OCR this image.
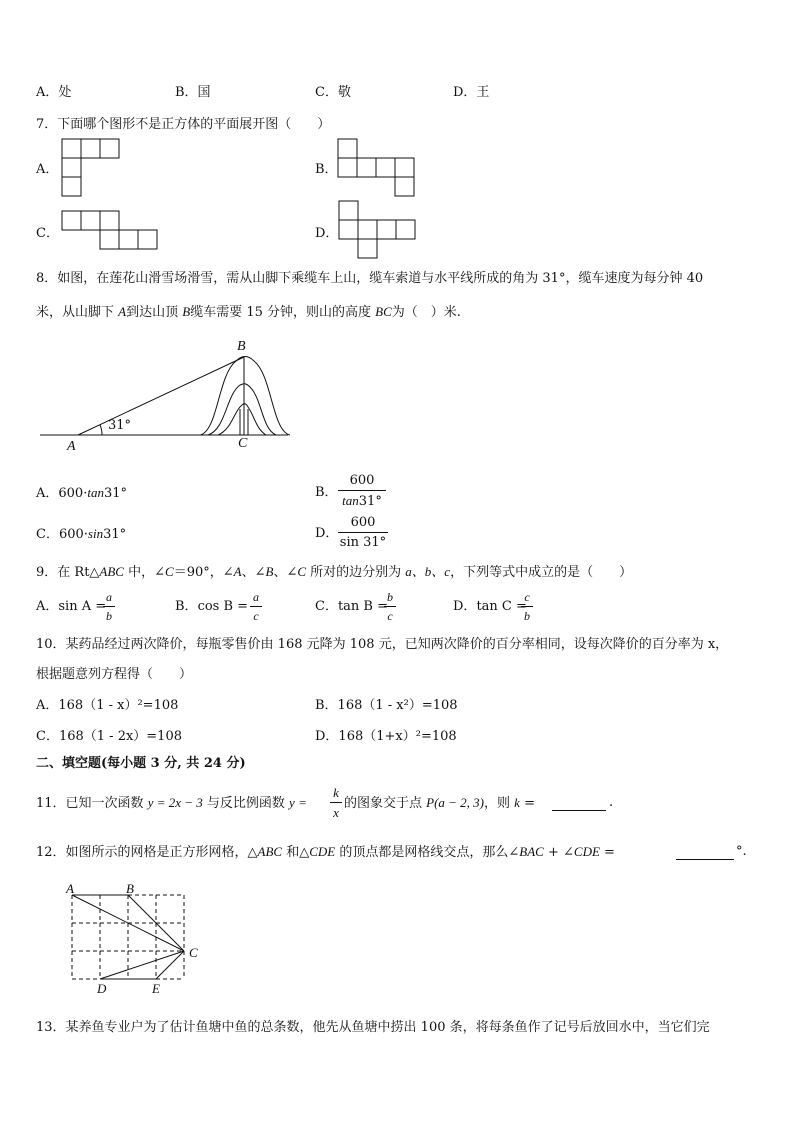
A．处	B．国	C．敬	D．王
7．下面哪个图形不是正方体的平面展开图（　　）
A．	B．
C．	D．
8．如图，在莲花山滑雪场滑雪，需从山脚下乘缆车上山，缆车索道与水平线所成的角为 31°，缆车速度为每分钟 40
米，从山脚下 A到达山顶 B缆车需要 15 分钟，则山的高度 BC为（　）米.
B
31°
A	C
A．600·tan31°	B． $\frac{600}{\tan 31^\circ}$
C．600·sin31°	D． $\frac{600}{\sin 31^\circ}$
9．在 Rt△ABC 中，∠C＝90°，∠A、∠B、∠C 所对的边分别为 a、b、c，下列等式中成立的是（　　）
A．sin A =
$\frac{a}{b}$	B．$\cos B = \frac{a}{c}$	C．tan B =
$\frac{b}{c}$	D．tan C =
$\frac{c}{b}$
10．某药品经过两次降价，每瓶零售价由 168 元降为 108 元，已知两次降价的百分率相同，设每次降价的百分率为 x，
根据题意列方程得（　　）
A．168（1 - x）²=108	B．168（1 - x²）=108
C．168（1 - 2x）=108	D．168（1+x）²=108
二、填空题(每小题 3 分, 共 24 分)
11．已知一次函数 y = 2x − 3 与反比例函数 $y = \frac{k}{x}$ 的图象交于点 P(a − 2, 3)，则 k =	.
12．如图所示的网格是正方形网格，△ABC 和△CDE 的顶点都是网格线交点，那么∠BAC + ∠CDE =	°.
A	B
C
D	E
13．某养鱼专业户为了估计鱼塘中鱼的总条数，他先从鱼塘中捞出 100 条，将每条鱼作了记号后放回水中，当它们完
